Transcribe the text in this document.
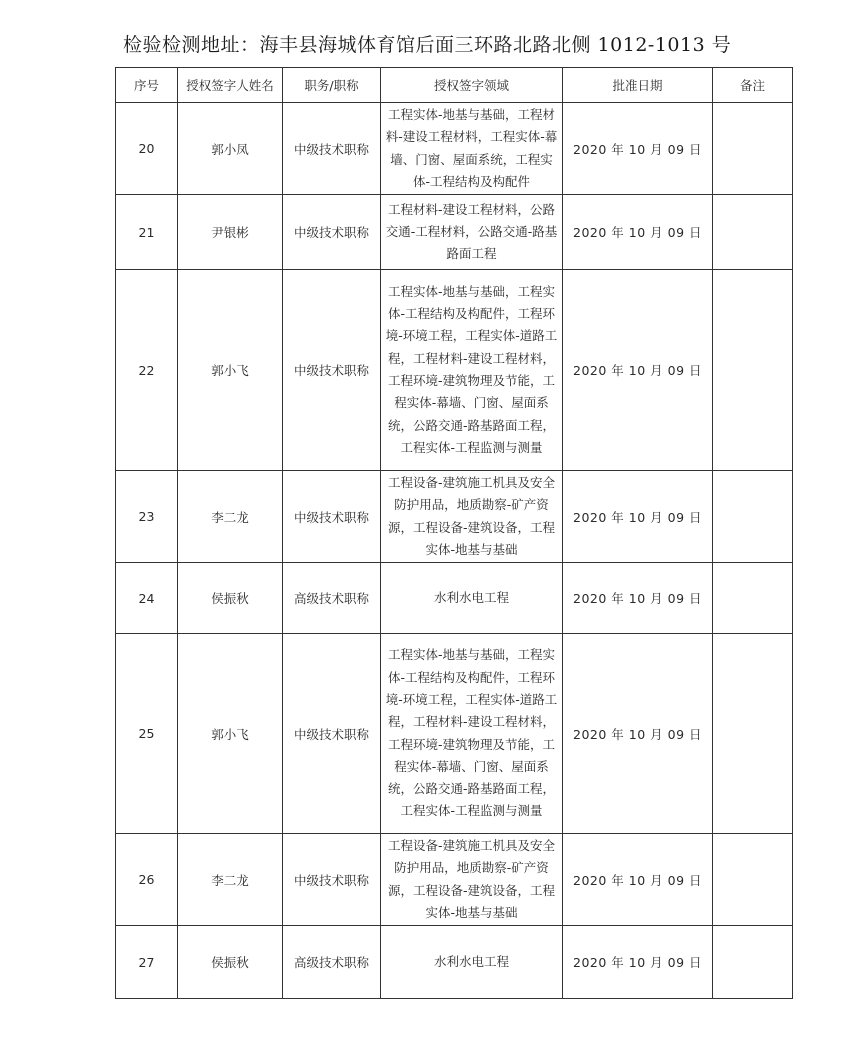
检验检测地址：海丰县海城体育馆后面三环路北路北侧 1012-1013 号
序号	授权签字人姓名	职务/职称	授权签字领域	批准日期	备注
20	郭小凤	中级技术职称	工程实体-地基与基础，工程材料-建设工程材料，工程实体-幕墙、门窗、屋面系统，工程实体-工程结构及构配件	2020 年 10 月 09 日	
21	尹银彬	中级技术职称	工程材料-建设工程材料，公路交通-工程材料，公路交通-路基路面工程	2020 年 10 月 09 日	
22	郭小飞	中级技术职称	工程实体-地基与基础，工程实体-工程结构及构配件，工程环境-环境工程，工程实体-道路工程，工程材料-建设工程材料，工程环境-建筑物理及节能，工程实体-幕墙、门窗、屋面系统，公路交通-路基路面工程，工程实体-工程监测与测量	2020 年 10 月 09 日	
23	李二龙	中级技术职称	工程设备-建筑施工机具及安全防护用品，地质勘察-矿产资源，工程设备-建筑设备，工程实体-地基与基础	2020 年 10 月 09 日	
24	侯振秋	高级技术职称	水利水电工程	2020 年 10 月 09 日	
25	郭小飞	中级技术职称	工程实体-地基与基础，工程实体-工程结构及构配件，工程环境-环境工程，工程实体-道路工程，工程材料-建设工程材料，工程环境-建筑物理及节能，工程实体-幕墙、门窗、屋面系统，公路交通-路基路面工程，工程实体-工程监测与测量	2020 年 10 月 09 日	
26	李二龙	中级技术职称	工程设备-建筑施工机具及安全防护用品，地质勘察-矿产资源，工程设备-建筑设备，工程实体-地基与基础	2020 年 10 月 09 日	
27	侯振秋	高级技术职称	水利水电工程	2020 年 10 月 09 日	
